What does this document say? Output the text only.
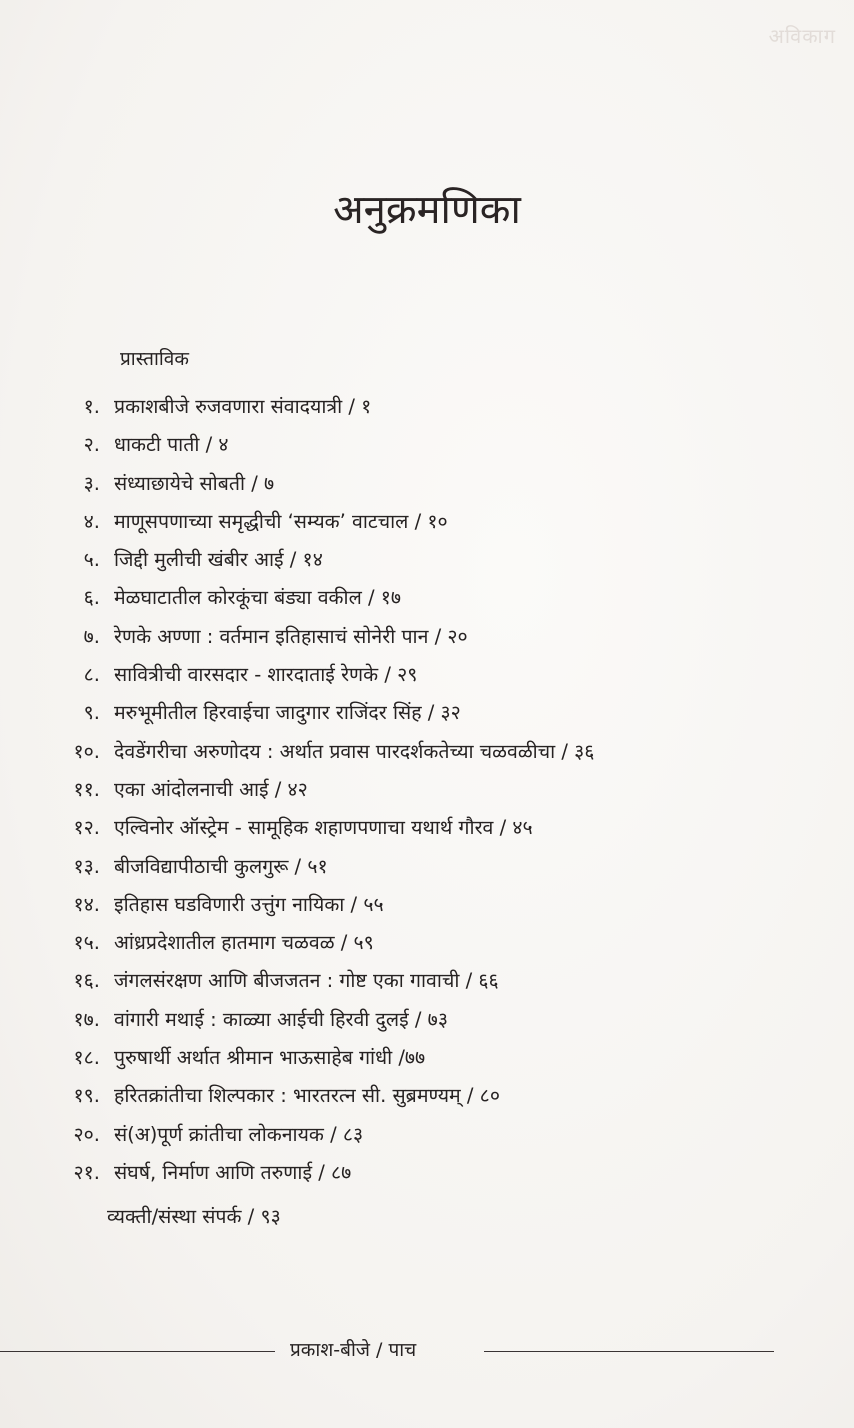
अविकाग
अनुक्रमणिका

प्रास्ताविक

१. प्रकाशबीजे रुजवणारा संवादयात्री / १
२. धाकटी पाती / ४
३. संध्याछायेचे सोबती / ७
४. माणूसपणाच्या समृद्धीची ‘सम्यक’ वाटचाल / १०
५. जिद्दी मुलीची खंबीर आई / १४
६. मेळघाटातील कोरकूंचा बंड्या वकील / १७
७. रेणके अण्णा : वर्तमान इतिहासाचं सोनेरी पान / २०
८. सावित्रीची वारसदार - शारदाताई रेणके / २९
९. मरुभूमीतील हिरवाईचा जादुगार राजिंदर सिंह / ३२
१०. देवडेंगरीचा अरुणोदय : अर्थात प्रवास पारदर्शकतेच्या चळवळीचा / ३६
११. एका आंदोलनाची आई / ४२
१२. एल्विनोर ऑस्ट्रेम - सामूहिक शहाणपणाचा यथार्थ गौरव / ४५
१३. बीजविद्यापीठाची कुलगुरू / ५१
१४. इतिहास घडविणारी उत्तुंग नायिका / ५५
१५. आंध्रप्रदेशातील हातमाग चळवळ / ५९
१६. जंगलसंरक्षण आणि बीजजतन : गोष्ट एका गावाची / ६६
१७. वांगारी मथाई : काळ्या आईची हिरवी दुलई / ७३
१८. पुरुषार्थी अर्थात श्रीमान भाऊसाहेब गांधी /७७
१९. हरितक्रांतीचा शिल्पकार : भारतरत्न सी. सुब्रमण्यम् / ८०
२०. सं(अ)पूर्ण क्रांतीचा लोकनायक / ८३
२१. संघर्ष, निर्माण आणि तरुणाई / ८७

व्यक्ती/संस्था संपर्क / ९३

प्रकाश-बीजे / पाच
